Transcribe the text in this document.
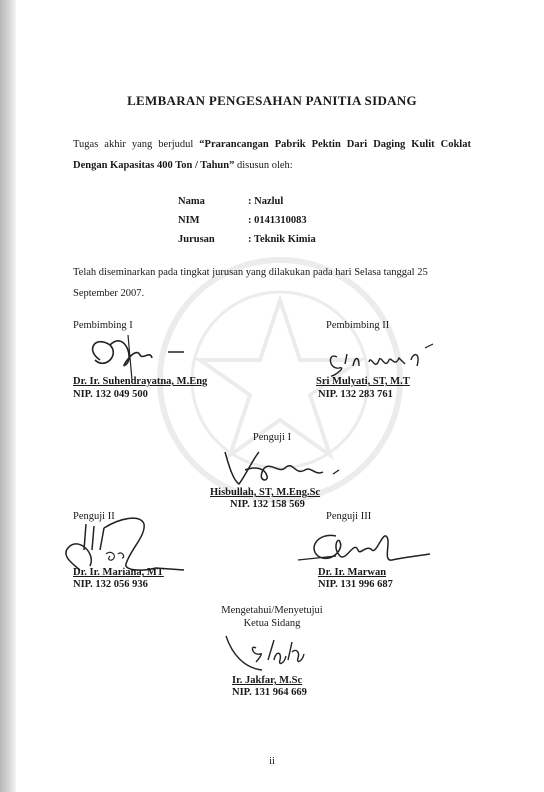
LEMBARAN PENGESAHAN PANITIA SIDANG
Tugas akhir yang berjudul “Prarancangan Pabrik Pektin Dari Daging Kulit Coklat Dengan Kapasitas 400 Ton / Tahun” disusun oleh:
Nama	: Nazlul
NIM	: 0141310083
Jurusan	: Teknik Kimia
Telah diseminarkan pada tingkat jurusan yang dilakukan pada hari Selasa tanggal 25 September 2007.
Pembimbing I
Dr. Ir. Suhendrayatna, M.Eng
NIP. 132 049 500
Pembimbing II
Sri Mulyati, ST, M.T
NIP. 132 283 761
Penguji I
Hisbullah, ST, M.Eng.Sc
NIP. 132 158 569
Penguji II
Dr. Ir. Mariana, MT
NIP. 132 056 936
Penguji III
Dr. Ir. Marwan
NIP. 131 996 687
Mengetahui/Menyetujui
Ketua Sidang
Ir. Jakfar, M.Sc
NIP. 131 964 669
ii
